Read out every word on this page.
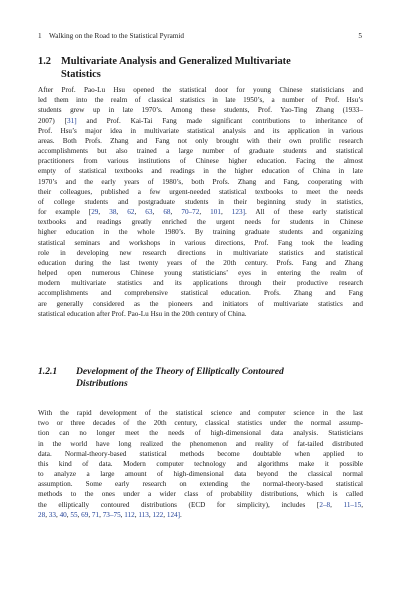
1 Walking on the Road to the Statistical Pyramid	5
1.2 Multivariate Analysis and Generalized Multivariate
Statistics
After Prof. Pao-Lu Hsu opened the statistical door for young Chinese statisticians and
led them into the realm of classical statistics in late 1950’s, a number of Prof. Hsu’s
students grew up in late 1970’s. Among these students, Prof. Yao-Ting Zhang (1933–
2007) [31] and Prof. Kai-Tai Fang made significant contributions to inheritance of
Prof. Hsu’s major idea in multivariate statistical analysis and its application in various
areas. Both Profs. Zhang and Fang not only brought with their own prolific research
accomplishments but also trained a large number of graduate students and statistical
practitioners from various institutions of Chinese higher education. Facing the almost
empty of statistical textbooks and readings in the higher education of China in late
1970’s and the early years of 1980’s, both Profs. Zhang and Fang, cooperating with
their colleagues, published a few urgent-needed statistical textbooks to meet the needs
of college students and postgraduate students in their beginning study in statistics,
for example [29, 38, 62, 63, 68, 70–72, 101, 123]. All of these early statistical
textbooks and readings greatly enriched the urgent needs for students in Chinese
higher education in the whole 1980’s. By training graduate students and organizing
statistical seminars and workshops in various directions, Prof. Fang took the leading
role in developing new research directions in multivariate statistics and statistical
education during the last twenty years of the 20th century. Profs. Fang and Zhang
helped open numerous Chinese young statisticians’ eyes in entering the realm of
modern multivariate statistics and its applications through their productive research
accomplishments and comprehensive statistical education. Profs. Zhang and Fang
are generally considered as the pioneers and initiators of multivariate statistics and
statistical education after Prof. Pao-Lu Hsu in the 20th century of China.
1.2.1 Development of the Theory of Elliptically Contoured
Distributions
With the rapid development of the statistical science and computer science in the last
two or three decades of the 20th century, classical statistics under the normal assump-
tion can no longer meet the needs of high-dimensional data analysis. Statisticians
in the world have long realized the phenomenon and reality of fat-tailed distributed
data. Normal-theory-based statistical methods become doubtable when applied to
this kind of data. Modern computer technology and algorithms make it possible
to analyze a large amount of high-dimensional data beyond the classical normal
assumption. Some early research on extending the normal-theory-based statistical
methods to the ones under a wider class of probability distributions, which is called
the elliptically contoured distributions (ECD for simplicity), includes [2–8, 11–15,
28, 33, 40, 55, 69, 71, 73–75, 112, 113, 122, 124].
